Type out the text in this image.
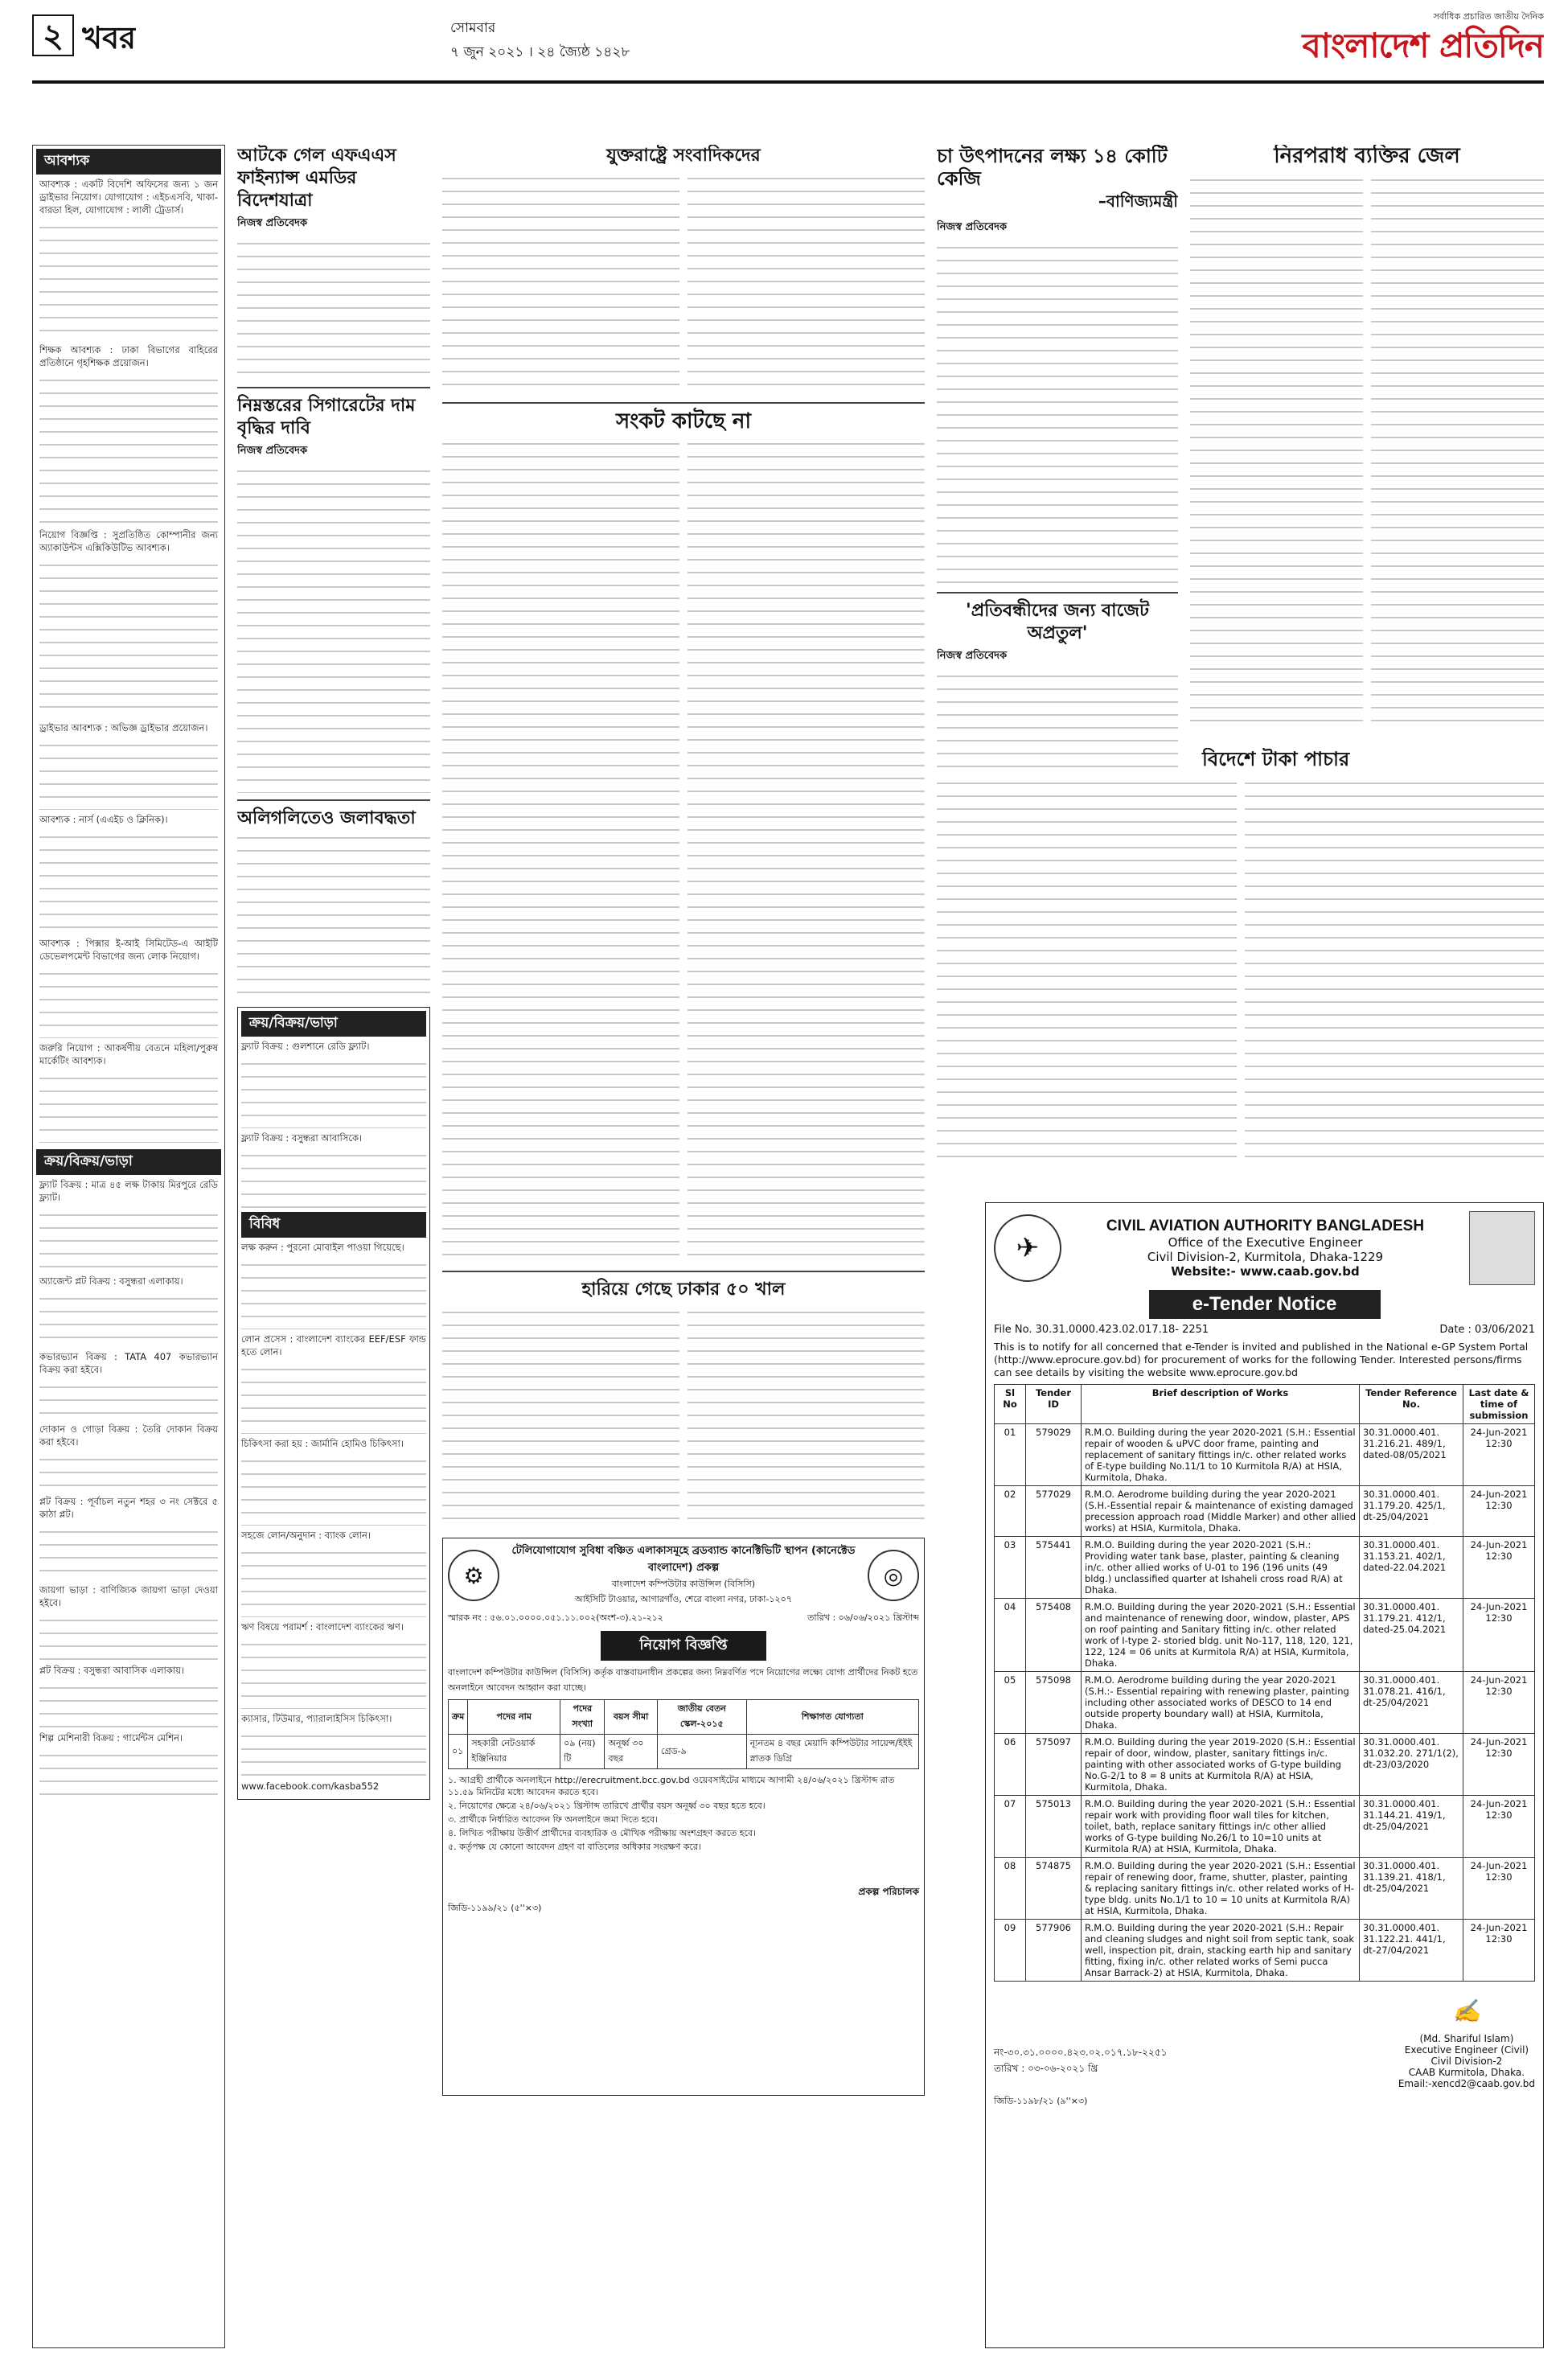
২ খবর	সোমবার
৭ জুন ২০২১ । ২৪ জ্যৈষ্ঠ ১৪২৮
সর্বাধিক প্রচারিত জাতীয় দৈনিক
বাংলাদেশ প্রতিদিন
আবশ্যক

আবশ্যক : একটি বিদেশি অফিসের জন্য ১ জন ড্রাইভার নিয়োগ। যোগাযোগ : এইচএসবি, খাকা-বারডা হিল, যোগাযোগ : লালী ট্রেডার্স।

শিক্ষক আবশ্যক : ঢাকা বিভাগের বাহিরের প্রতিষ্ঠানে গৃহশিক্ষক প্রয়োজন।

নিয়োগ বিজ্ঞপ্তি : সুপ্রতিষ্ঠিত কোম্পানীর জন্য অ্যাকাউন্টস এক্সিকিউটিভ আবশ্যক।

ড্রাইভার আবশ্যক : অভিজ্ঞ ড্রাইভার প্রয়োজন।

আবশ্যক : নার্স (এএইচ ও ক্লিনিক)।

আবশ্যক : পিক্সার ই-আই সিমিটেড-এ আইটি ডেভেলপমেন্ট বিভাগের জন্য লোক নিয়োগ।

জরুরি নিয়োগ : আকর্ষণীয় বেতনে মহিলা/পুরুষ মার্কেটিং আবশ্যক।

ক্রয়/বিক্রয়/ভাড়া

ফ্ল্যাট বিক্রয় : মাত্র ৪৫ লক্ষ টাকায় মিরপুরে রেডি ফ্ল্যাট।

অ্যাজেন্ট প্লট বিক্রয় : বসুন্ধরা এলাকায়।

কভারভ্যান বিক্রয় : TATA 407 কভারভ্যান বিক্রয় করা হইবে।

দোকান ও গোড়া বিক্রয় : তৈরি দোকান বিক্রয় করা হইবে।

প্লট বিক্রয় : পূর্বাচল নতুন শহর ৩ নং সেক্টরে ৫ কাঠা প্লট।

জায়গা ভাড়া : বাণিজ্যিক জায়গা ভাড়া দেওয়া হইবে।

প্লট বিক্রয় : বসুন্ধরা আবাসিক এলাকায়।

শিল্প মেশিনারী বিক্রয় : গার্মেন্টস মেশিন।

আটকে গেল এফএএস ফাইন্যান্স এমডির বিদেশযাত্রা
নিজস্ব প্রতিবেদক
নিম্নস্তরের সিগারেটের দাম বৃদ্ধির দাবি
নিজস্ব প্রতিবেদক
অলিগলিতেও জলাবদ্ধতা
ক্রয়/বিক্রয়/ভাড়া

ফ্ল্যাট বিক্রয় : গুলশানে রেডি ফ্ল্যাট।

ফ্ল্যাট বিক্রয় : বসুন্ধরা আবাসিকে।

বিবিধ

লক্ষ করুন : পুরনো মোবাইল পাওয়া গিয়েছে।

লোন প্রসেস : বাংলাদেশ ব্যাংকের EEF/ESF ফান্ড হতে লোন।

চিকিৎসা করা হয় : জার্মানি হোমিও চিকিৎসা।

সহজে লোন/অনুদান : ব্যাংক লোন।

ঋণ বিষয়ে পরামর্শ : বাংলাদেশ ব্যাংকের ঋণ।

ক্যাসার, টিউমার, প্যারালাইসিস চিকিৎসা।

www.facebook.com/kasba552

যুক্তরাষ্ট্রে সংবাদিকদের
সংকট কাটছে না
হারিয়ে গেছে ঢাকার ৫০ খাল
⚙
টেলিযোগাযোগ সুবিধা বঞ্চিত এলাকাসমূহে ব্রডব্যান্ড কানেক্টিভিটি স্থাপন (কানেক্টেড বাংলাদেশ) প্রকল্প
বাংলাদেশ কম্পিউটার কাউন্সিল (বিসিসি)
আইসিটি টাওয়ার, আগারগাঁও, শেরে বাংলা নগর, ঢাকা-১২০৭
◎
স্মারক নং : ৫৬.০১.০০০০.০৫১.১১.০০২(অংশ-৩).২১-২১২	তারিখ : ০৬/০৬/২০২১ খ্রিস্টাব্দ
নিয়োগ বিজ্ঞপ্তি

বাংলাদেশ কম্পিউটার কাউন্সিল (বিসিসি) কর্তৃক বাস্তবায়নাধীন প্রকল্পের জন্য নিম্নবর্ণিত পদে নিয়োগের লক্ষ্যে যোগ্য প্রার্থীদের নিকট হতে অনলাইনে আবেদন আহ্বান করা যাচ্ছে।

ক্রম	পদের নাম	পদের সংখ্যা	বয়স সীমা	জাতীয় বেতন স্কেল-২০১৫	শিক্ষাগত যোগ্যতা
০১	সহকারী নেটওয়ার্ক ইঞ্জিনিয়ার	০৯ (নয়) টি	অনূর্ধ্ব ৩০ বছর	গ্রেড-৯	ন্যূনতম ৪ বছর মেয়াদি কম্পিউটার সায়েন্স/ইইই স্নাতক ডিগ্রি

১. আগ্রহী প্রার্থীকে অনলাইনে http://erecruitment.bcc.gov.bd ওয়েবসাইটের মাধ্যমে আগামী ২৪/০৬/২০২১ খ্রিস্টাব্দ রাত ১১.৫৯ মিনিটের মধ্যে আবেদন করতে হবে।

২. নিয়োগের ক্ষেত্রে ২৪/০৬/২০২১ খ্রিস্টাব্দ তারিখে প্রার্থীর বয়স অনূর্ধ্ব ৩০ বছর হতে হবে।

৩. প্রার্থীকে নির্ধারিত আবেদন ফি অনলাইনে জমা দিতে হবে।

৪. লিখিত পরীক্ষায় উত্তীর্ণ প্রার্থীদের ব্যবহারিক ও মৌখিক পরীক্ষায় অংশগ্রহণ করতে হবে।

৫. কর্তৃপক্ষ যে কোনো আবেদন গ্রহণ বা বাতিলের অধিকার সংরক্ষণ করে।

প্রকল্প পরিচালক
জিডি-১১৯৯/২১ (৫''×৩)
চা উৎপাদনের লক্ষ্য ১৪ কোটি কেজি
–বাণিজ্যমন্ত্রী
নিজস্ব প্রতিবেদক
'প্রতিবন্ধীদের জন্য বাজেট অপ্রতুল'
নিজস্ব প্রতিবেদক
নিরপরাধ ব্যক্তির জেল
বিদেশে টাকা পাচার
✈
CIVIL AVIATION AUTHORITY BANGLADESH
Office of the Executive Engineer
Civil Division-2, Kurmitola, Dhaka-1229
Website:- www.caab.gov.bd
e-Tender Notice
File No. 30.31.0000.423.02.017.18- 2251	Date : 03/06/2021

This is to notify for all concerned that e-Tender is invited and published in the National e-GP System Portal (http://www.eprocure.gov.bd) for procurement of works for the following Tender. Interested persons/firms can see details by visiting the website www.eprocure.gov.bd

Sl No	Tender ID	Brief description of Works	Tender Reference No.	Last date & time of submission
01	579029	R.M.O. Building during the year 2020-2021 (S.H.: Essential repair of wooden & uPVC door frame, painting and replacement of sanitary fittings in/c. other related works of E-type building No.11/1 to 10 Kurmitola R/A) at HSIA, Kurmitola, Dhaka.	30.31.0000.401. 31.216.21. 489/1, dated-08/05/2021	24-Jun-2021 12:30
02	577029	R.M.O. Aerodrome building during the year 2020-2021 (S.H.-Essential repair & maintenance of existing damaged precession approach road (Middle Marker) and other allied works) at HSIA, Kurmitola, Dhaka.	30.31.0000.401. 31.179.20. 425/1, dt-25/04/2021	24-Jun-2021 12:30
03	575441	R.M.O. Building during the year 2020-2021 (S.H.: Providing water tank base, plaster, painting & cleaning in/c. other allied works of U-01 to 196 (196 units (49 bldg.) unclassified quarter at Ishaheli cross road R/A) at Dhaka.	30.31.0000.401. 31.153.21. 402/1, dated-22.04.2021	24-Jun-2021 12:30
04	575408	R.M.O. Building during the year 2020-2021 (S.H.: Essential and maintenance of renewing door, window, plaster, APS on roof painting and Sanitary fitting in/c. other related work of I-type 2- storied bldg. unit No-117, 118, 120, 121, 122, 124 = 06 units at Kurmitola R/A) at HSIA, Kurmitola, Dhaka.	30.31.0000.401. 31.179.21. 412/1, dated-25.04.2021	24-Jun-2021 12:30
05	575098	R.M.O. Aerodrome building during the year 2020-2021 (S.H.:- Essential repairing with renewing plaster, painting including other associated works of DESCO to 14 end outside property boundary wall) at HSIA, Kurmitola, Dhaka.	30.31.0000.401. 31.078.21. 416/1, dt-25/04/2021	24-Jun-2021 12:30
06	575097	R.M.O. Building during the year 2019-2020 (S.H.: Essential repair of door, window, plaster, sanitary fittings in/c. painting with other associated works of G-type building No.G-2/1 to 8 = 8 units at Kurmitola R/A) at HSIA, Kurmitola, Dhaka.	30.31.0000.401. 31.032.20. 271/1(2), dt-23/03/2020	24-Jun-2021 12:30
07	575013	R.M.O. Building during the year 2020-2021 (S.H.: Essential repair work with providing floor wall tiles for kitchen, toilet, bath, replace sanitary fittings in/c other allied works of G-type building No.26/1 to 10=10 units at Kurmitola R/A) at HSIA, Kurmitola, Dhaka.	30.31.0000.401. 31.144.21. 419/1, dt-25/04/2021	24-Jun-2021 12:30
08	574875	R.M.O. Building during the year 2020-2021 (S.H.: Essential repair of renewing door, frame, shutter, plaster, painting & replacing sanitary fittings in/c. other related works of H-type bldg. units No.1/1 to 10 = 10 units at Kurmitola R/A) at HSIA, Kurmitola, Dhaka.	30.31.0000.401. 31.139.21. 418/1, dt-25/04/2021	24-Jun-2021 12:30
09	577906	R.M.O. Building during the year 2020-2021 (S.H.: Repair and cleaning sludges and night soil from septic tank, soak well, inspection pit, drain, stacking earth hip and sanitary fitting, fixing in/c. other related works of Semi pucca Ansar Barrack-2) at HSIA, Kurmitola, Dhaka.	30.31.0000.401. 31.122.21. 441/1, dt-27/04/2021	24-Jun-2021 12:30
নং-৩০.৩১.০০০০.৪২৩.০২.০১৭.১৮-২২৫১
তারিখ : ০৩-০৬-২০২১ খ্রি
✍
(Md. Shariful Islam)
Executive Engineer (Civil)
Civil Division-2
CAAB Kurmitola, Dhaka.
Email:-xencd2@caab.gov.bd
জিডি-১১৯৮/২১ (৯''×৩)
